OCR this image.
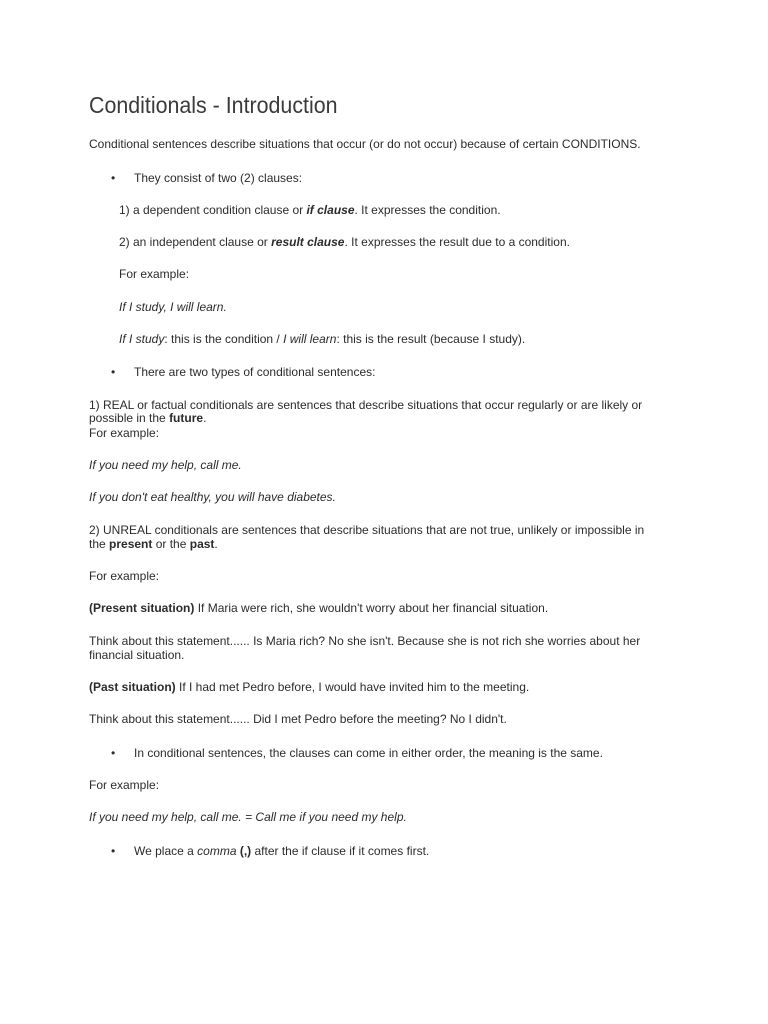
Conditionals - Introduction
Conditional sentences describe situations that occur (or do not occur) because of certain CONDITIONS.
• They consist of two (2) clauses:
1) a dependent condition clause or if clause. It expresses the condition.
2) an independent clause or result clause. It expresses the result due to a condition.
For example:
If I study, I will learn.
If I study: this is the condition / I will learn: this is the result (because I study).
• There are two types of conditional sentences:
1) REAL or factual conditionals are sentences that describe situations that occur regularly or are likely or
possible in the future.
For example:
If you need my help, call me.
If you don't eat healthy, you will have diabetes.
2) UNREAL conditionals are sentences that describe situations that are not true, unlikely or impossible in
the present or the past.
For example:
(Present situation) If Maria were rich, she wouldn't worry about her financial situation.
Think about this statement...... Is Maria rich? No she isn't. Because she is not rich she worries about her
financial situation.
(Past situation) If I had met Pedro before, I would have invited him to the meeting.
Think about this statement...... Did I met Pedro before the meeting? No I didn't.
• In conditional sentences, the clauses can come in either order, the meaning is the same.
For example:
If you need my help, call me. = Call me if you need my help.
• We place a comma (,) after the if clause if it comes first.
